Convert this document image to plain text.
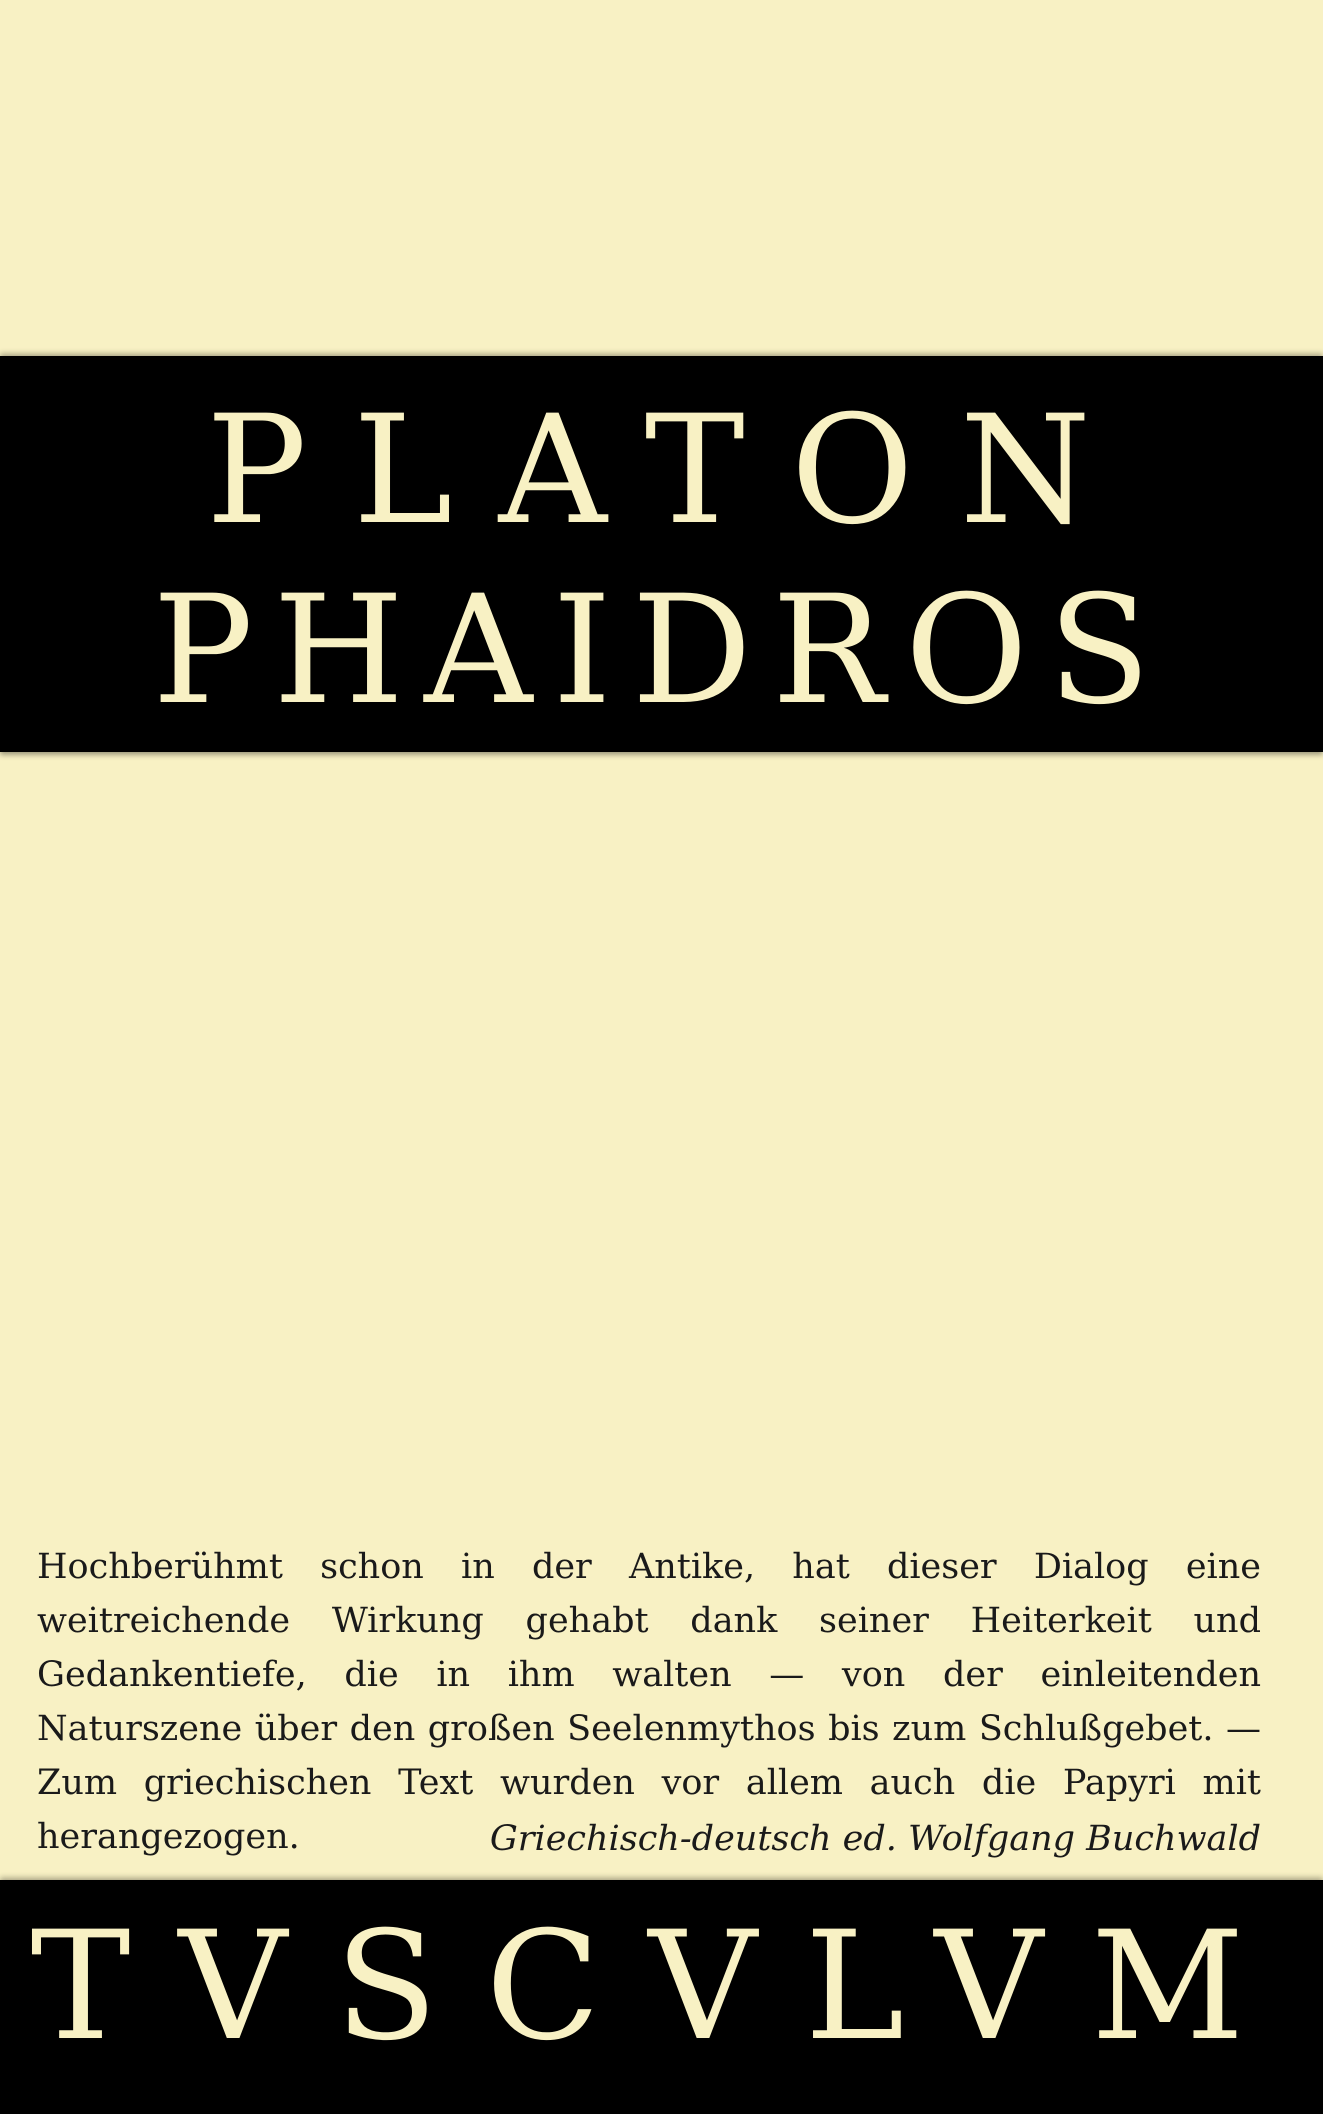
PLATON
PHAIDROS
Hochberühmt schon in der Antike, hat dieser Dialog eine weitreichende Wirkung gehabt dank seiner Heiterkeit und Gedankentiefe, die in ihm walten — von der einleitenden Naturszene über den großen Seelenmythos bis zum Schlußgebet. — Zum griechischen Text wurden vor allem auch die Papyri mit herangezogen.	Griechisch-deutsch ed. Wolfgang Buchwald
TVSCVLVM
